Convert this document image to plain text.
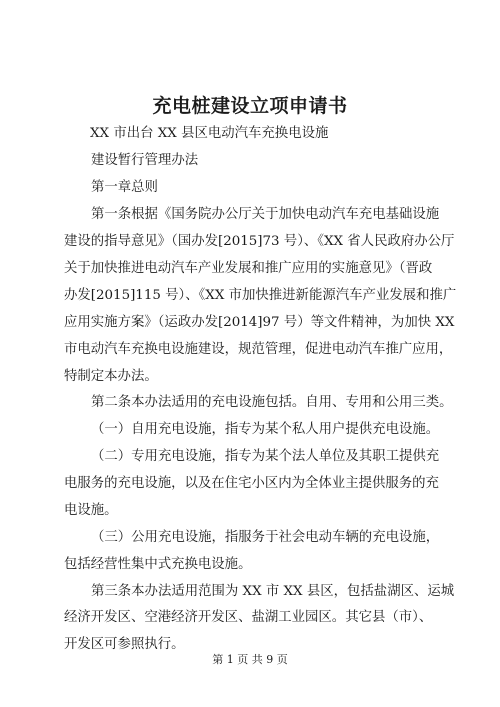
充电桩建设立项申请书
XX 市出台 XX 县区电动汽车充换电设施
建设暂行管理办法
第一章总则
第一条根据《国务院办公厅关于加快电动汽车充电基础设施
建设的指导意见》（国办发[2015]73 号）、《XX 省人民政府办公厅
关于加快推进电动汽车产业发展和推广应用的实施意见》（晋政
办发[2015]115 号）、《XX 市加快推进新能源汽车产业发展和推广
应用实施方案》（运政办发[2014]97 号）等文件精神，为加快 XX
市电动汽车充换电设施建设，规范管理，促进电动汽车推广应用，
特制定本办法。
第二条本办法适用的充电设施包括。自用、专用和公用三类。
（一）自用充电设施，指专为某个私人用户提供充电设施。
（二）专用充电设施，指专为某个法人单位及其职工提供充
电服务的充电设施，以及在住宅小区内为全体业主提供服务的充
电设施。
（三）公用充电设施，指服务于社会电动车辆的充电设施，
包括经营性集中式充换电设施。
第三条本办法适用范围为 XX 市 XX 县区，包括盐湖区、运城
经济开发区、空港经济开发区、盐湖工业园区。其它县（市）、
开发区可参照执行。
第 1 页 共 9 页
